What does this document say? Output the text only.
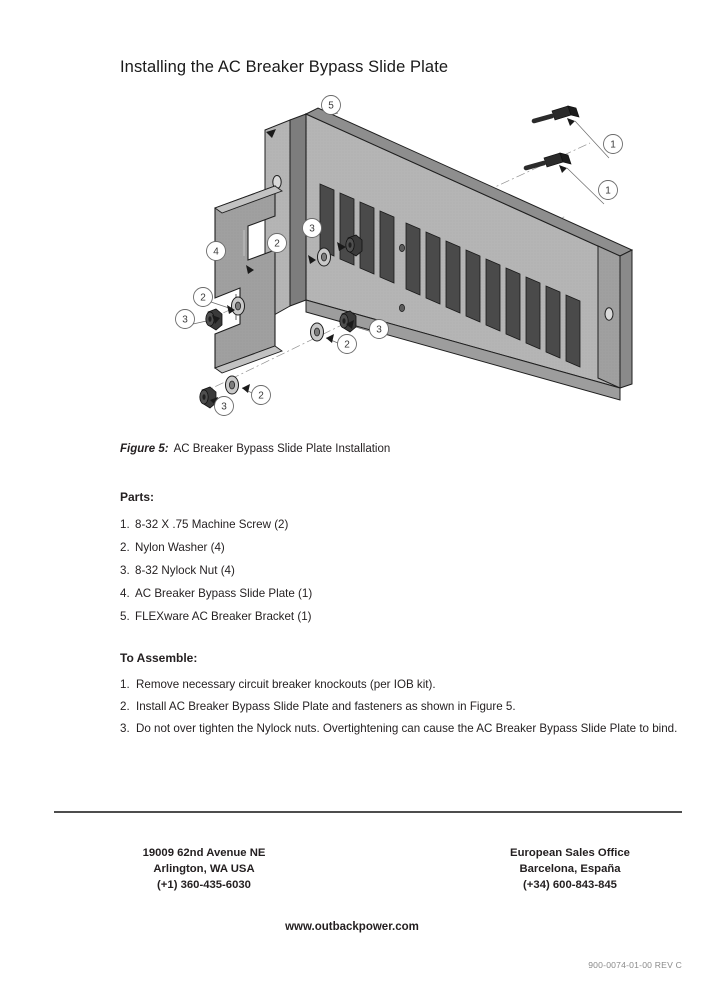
Installing the AC Breaker Bypass Slide Plate
5
1
1
3
2
4
2
3
3
2
2
3
Figure 5: AC Breaker Bypass Slide Plate Installation
Parts:
1. 8-32 X .75 Machine Screw (2)
2. Nylon Washer (4)
3. 8-32 Nylock Nut (4)
4. AC Breaker Bypass Slide Plate (1)
5. FLEXware AC Breaker Bracket (1)
To Assemble:
1. Remove necessary circuit breaker knockouts (per IOB kit).
2. Install AC Breaker Bypass Slide Plate and fasteners as shown in Figure 5.
3. Do not over tighten the Nylock nuts. Overtightening can cause the AC Breaker Bypass Slide Plate to bind.
19009 62nd Avenue NE
Arlington, WA USA
(+1) 360-435-6030
European Sales Office
Barcelona, España
(+34) 600-843-845
www.outbackpower.com
900-0074-01-00 REV C
